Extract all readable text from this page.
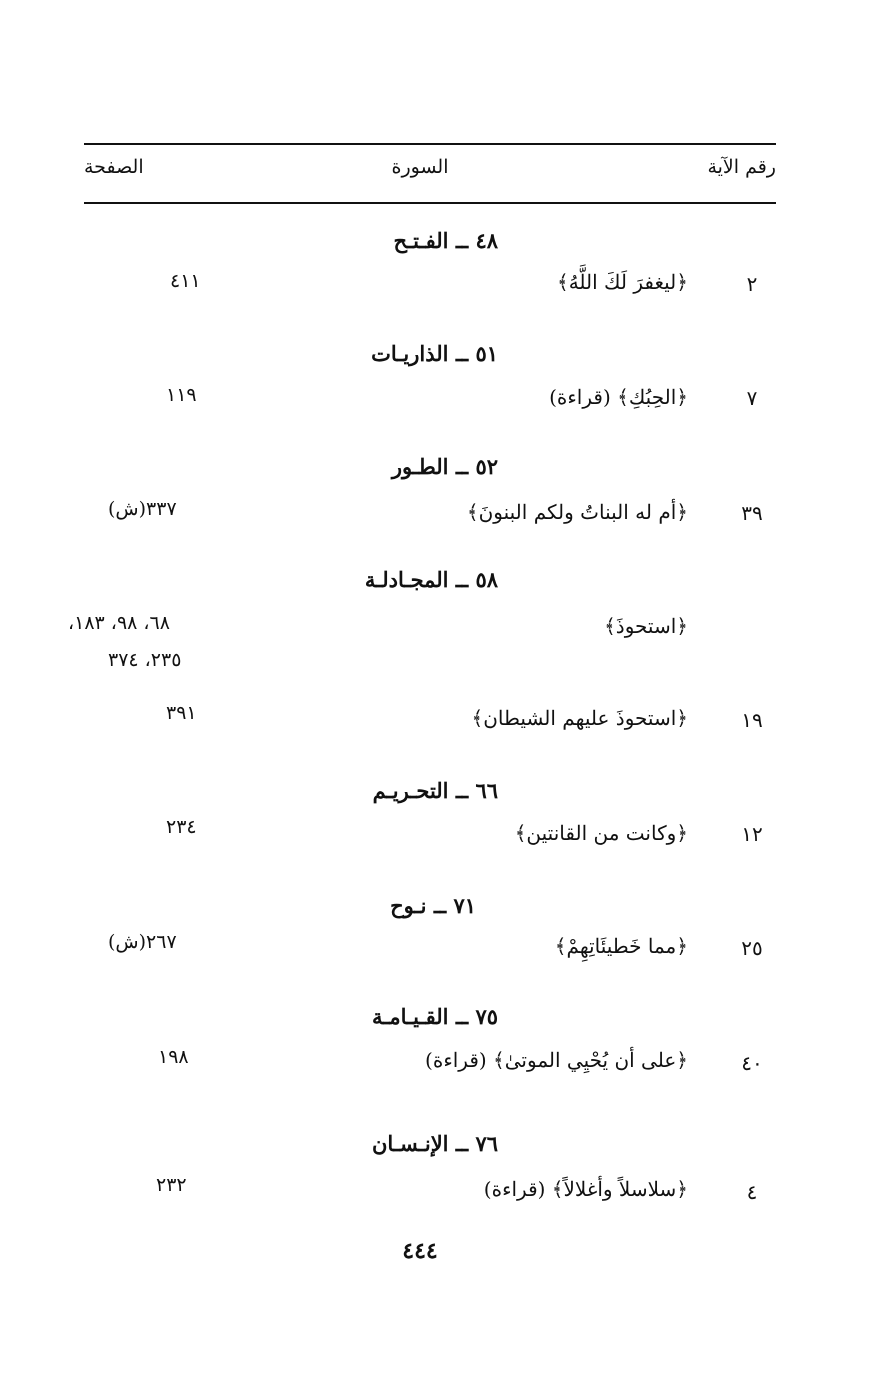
رقم الآية
السورة
الصفحة
٤٨ ــ الفـتـح
٢
﴿ليغفرَ لَكَ اللَّهُ﴾
٤١١
٥١ ــ الذاريـات
٧
﴿الحِبُكِ﴾ (قراءة)
١١٩
٥٢ ــ الطـور
٣٩
﴿أم له البناتُ ولكم البنونَ﴾
٣٣٧(ش)
٥٨ ــ المجـادلـة
﴿استحوذَ﴾
٦٨، ٩٨، ١٨٣،
٢٣٥، ٣٧٤
١٩
﴿استحوذَ عليهم الشيطان﴾
٣٩١
٦٦ ــ التحـريـم
١٢
﴿وكانت من القانتين﴾
٢٣٤
٧١ ــ نـوح
٢٥
﴿مما خَطيئَاتِهِمْ﴾
٢٦٧(ش)
٧٥ ــ القـيـامـة
٤٠
﴿على أن يُحْيِي الموتىٰ﴾ (قراءة)
١٩٨
٧٦ ــ الإنـسـان
٤
﴿سلاسلاً وأغلالاً﴾ (قراءة)
٢٣٢
٤٤٤
